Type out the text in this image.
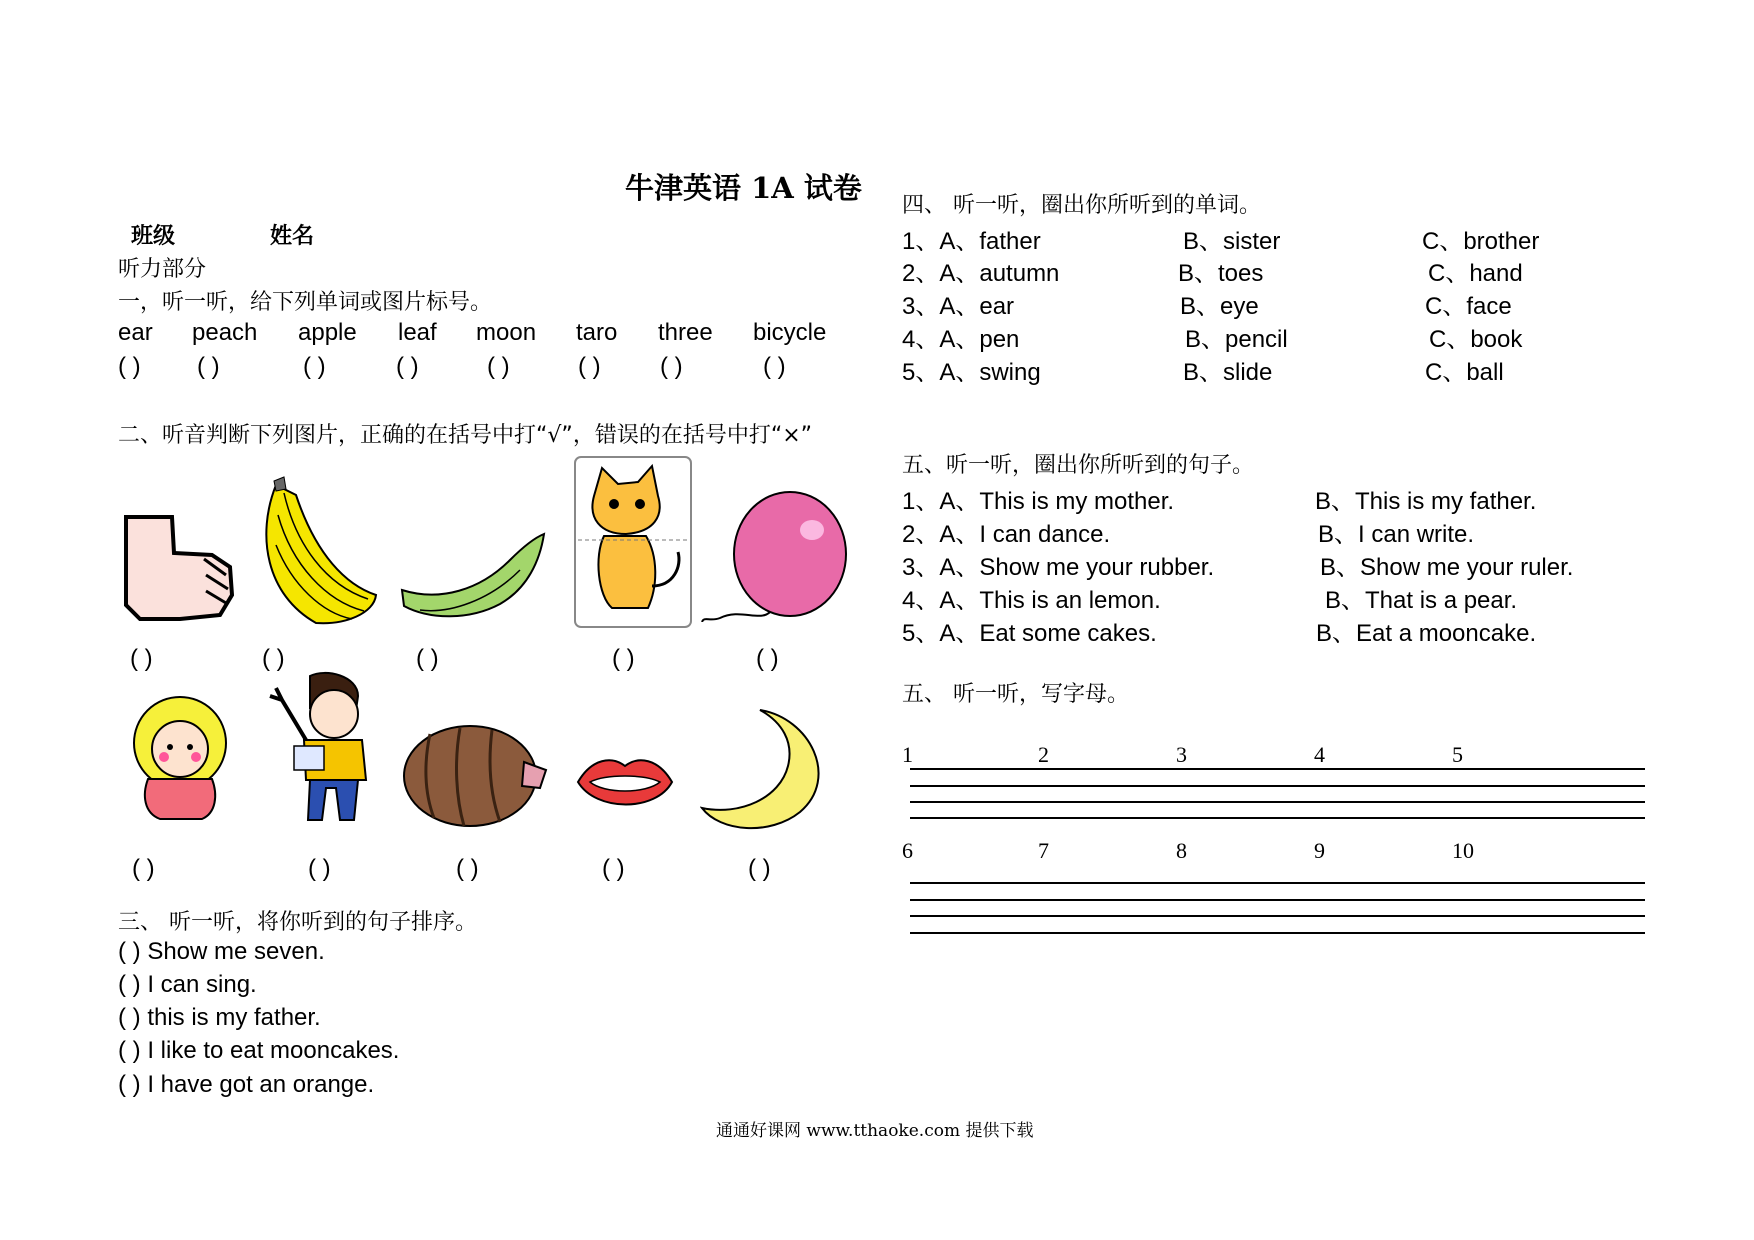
牛津英语 1A 试卷
班级	姓名
听力部分
一，听一听，给下列单词或图片标号。
ear peach apple leaf moon taro three bicycle
( ) ( )	( )	( )	( )	( ) ( )	( )
二、听音判断下列图片，正确的在括号中打“√”，错误的在括号中打“×”
( )	( )	( )	( )	( )
( )	( )	( )	( )	( )
三、 听一听，将你听到的句子排序。
( ) Show me seven.
( ) I can sing.
( ) this is my father.
( ) I like to eat mooncakes.
( ) I have got an orange.
四、 听一听，圈出你所听到的单词。
1、A、father	B、sister	C、brother
2、A、autumn	B、toes	C、hand
3、A、ear	B、eye	C、face
4、A、pen	B、pencil	C、book
5、A、swing	B、slide	C、ball
五、听一听，圈出你所听到的句子。
1、A、This is my mother.	B、This is my father.
2、A、I can dance.	B、I can write.
3、A、Show me your rubber.	B、Show me your ruler.
4、A、This is an lemon.	B、That is a pear.
5、A、Eat some cakes.	B、Eat a mooncake.
五、 听一听，写字母。
1	2	3	4	5
6	7	8	9	10
通通好课网 www.tthaoke.com 提供下载
